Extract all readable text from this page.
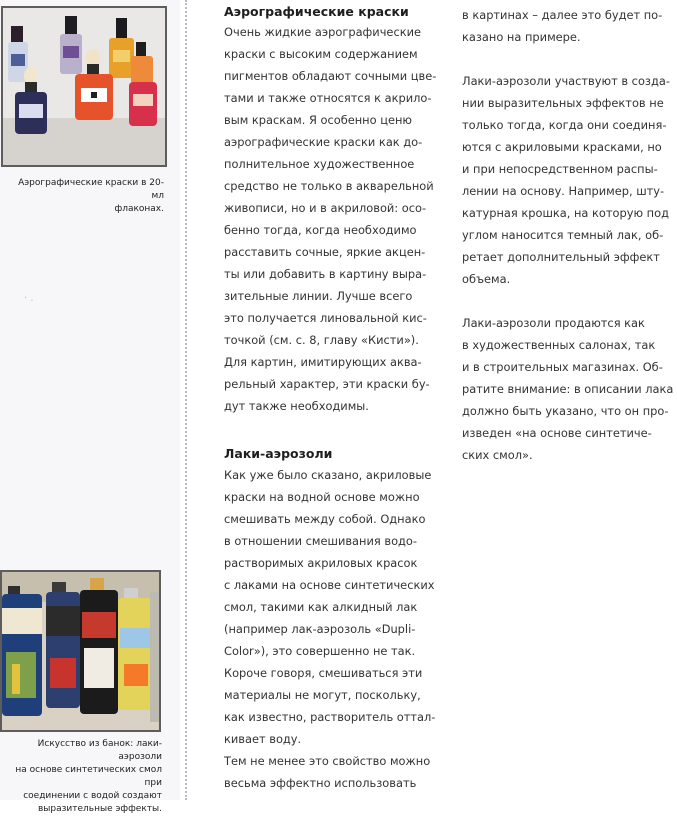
Аэрографические краски в 20-мл
флаконах.
· .
Искусство из банок: лаки-аэрозоли
на основе синтетических смол при
соединении с водой создают
выразительные эффекты.
Аэрографические краски
Очень жидкие аэрографические
краски с высоким содержанием
пигментов обладают сочными цве-
тами и также относятся к акрило-
вым краскам. Я особенно ценю
аэрографические краски как до-
полнительное художественное
средство не только в акварельной
живописи, но и в акриловой: осо-
бенно тогда, когда необходимо
расставить сочные, яркие акцен-
ты или добавить в картину выра-
зительные линии. Лучше всего
это получается линовальной кис-
точкой (см. с. 8, главу «Кисти»).
Для картин, имитирующих аква-
рельный характер, эти краски бу-
дут также необходимы.
Лаки-аэрозоли
Как уже было сказано, акриловые
краски на водной основе можно
смешивать между собой. Однако
в отношении смешивания водо-
растворимых акриловых красок
с лаками на основе синтетических
смол, такими как алкидный лак
(например лак-аэрозоль «Dupli-
Color»), это совершенно не так.
Короче говоря, смешиваться эти
материалы не могут, поскольку,
как известно, растворитель оттал-
кивает воду.
Тем не менее это свойство можно
весьма эффектно использовать
в картинах – далее это будет по-
казано на примере.
Лаки-аэрозоли участвуют в созда-
нии выразительных эффектов не
только тогда, когда они соединя-
ются с акриловыми красками, но
и при непосредственном распы-
лении на основу. Например, шту-
катурная крошка, на которую под
углом наносится темный лак, об-
ретает дополнительный эффект
объема.
Лаки-аэрозоли продаются как
в художественных салонах, так
и в строительных магазинах. Об-
ратите внимание: в описании лака
должно быть указано, что он про-
изведен «на основе синтетиче-
ских смол».
